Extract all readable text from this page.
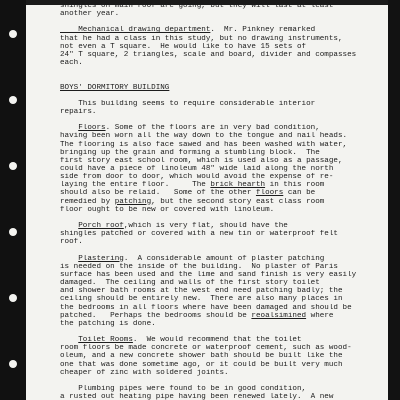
shingles on main roof are going, but they will last at least
another year.
Mechanical drawing department.  Mr. Pinkney remarked
that he had a class in this study, but no drawing instruments,
not even a T square.  He would like to have 15 sets of
24" T square, 2 triangles, scale and board, divider and compasses
each.
BOYS' DORMITORY BUILDING
This building seems to require considerable interior
repairs.
Floors. Some of the floors are in very bad condition,
having been worn all the way down to the tongue and nail heads.
The flooring is also face sawed and has been washed with water,
bringing up the grain and forming a stumbling block.  The
first story east school room, which is used also as a passage,
could have a piece of linoleum 48" wide laid along the north
side from door to door, which would avoid the expense of re-
laying the entire floor.     The brick hearth in this room
should also be relaid.   Some of the other floors can be
remedied by patching, but the second story east class room
floor ought to be new or covered with linoleum.
Porch roof,which is very flat, should have the
shingles patched or covered with a new tin or waterproof felt
roof.
Plastering.  A considerable amount of plaster patching
is needed on the inside of the building.  No plaster of Paris
surface has been used and the lime and sand finish is very easily
damaged.  The ceiling and walls of the first story toilet
and shower bath rooms at the west end need patching badly; the
ceiling should be entirely new.  There are also many places in
the bedrooms in all floors where have been damaged and should be
patched.   Perhaps the bedrooms should be reoalsimined where
the patching is done.
Toilet Rooms.  We would recommend that the toilet
room floors be made concrete or waterproof cement, such as wood-
oleum, and a new concrete shower bath should be built like the
one that was done sometime ago, or it could be built very much
cheaper of zinc with soldered joints.
Plumbing pipes were found to be in good condition,
a rusted out heating pipe having been renewed lately.  A new
